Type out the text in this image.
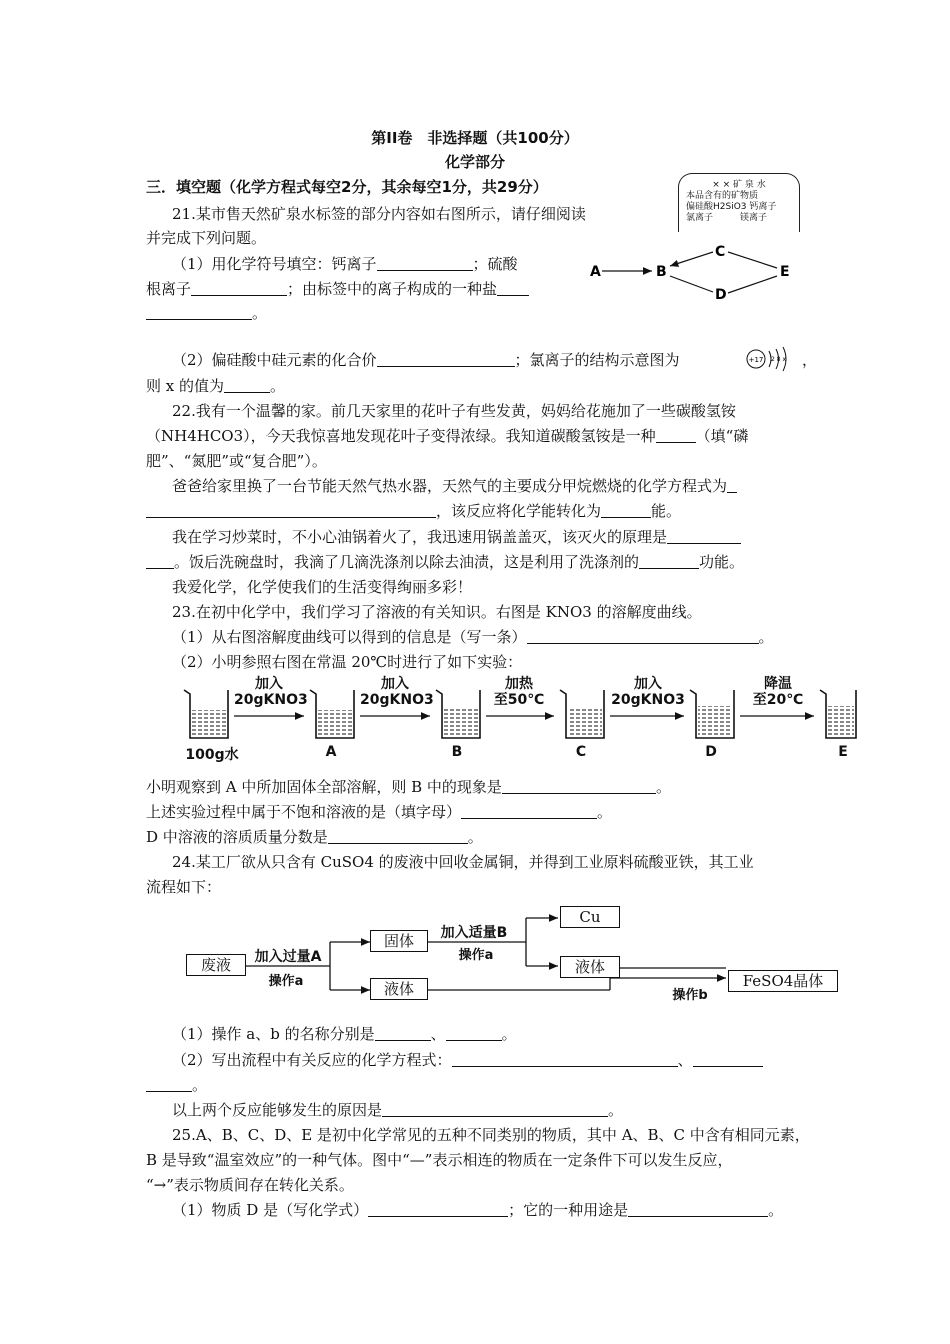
第II卷　非选择题（共100分）
化学部分
三．填空题（化学方程式每空2分，其余每空1分，共29分）	× × 矿 泉 水
本品含有的矿物质
偏硅酸H2SiO3 钙离子
氯离子　　　镁离子
21.某市售天然矿泉水标签的部分内容如右图所示，请仔细阅读
并完成下列问题。
（1）用化学符号填空：钙离子	；硫酸
根离子	；由标签中的离子构成的一种盐
。
A	B
C
D
E
（2）偏硅酸中硅元素的化合价	；氯离子的结构示意图为	+17 2 8 x ，
则 x 的值为	。
22.我有一个温馨的家。前几天家里的花叶子有些发黄，妈妈给花施加了一些碳酸氢铵
（NH4HCO3），今天我惊喜地发现花叶子变得浓绿。我知道碳酸氢铵是一种	（填“磷
肥”、“氮肥”或“复合肥”）。
爸爸给家里换了一台节能天然气热水器，天然气的主要成分甲烷燃烧的化学方程式为
，该反应将化学能转化为	能。
我在学习炒菜时，不小心油锅着火了，我迅速用锅盖盖灭，该灭火的原理是
。饭后洗碗盘时，我滴了几滴洗涤剂以除去油渍，这是利用了洗涤剂的	功能。
我爱化学，化学使我们的生活变得绚丽多彩！
23.在初中化学中，我们学习了溶液的有关知识。右图是 KNO3 的溶解度曲线。
（1）从右图溶解度曲线可以得到的信息是（写一条）	。
（2）小明参照右图在常温 20℃时进行了如下实验：
加入
20gKNO3
加入
20gKNO3
加热
至50℃
加入
20gKNO3
降温
至20℃
100g水	A	B	C	D	E
小明观察到 A 中所加固体全部溶解，则 B 中的现象是	。
上述实验过程中属于不饱和溶液的是（填字母）	。
D 中溶液的溶质质量分数是	。
24.某工厂欲从只含有 CuSO4 的废液中回收金属铜，并得到工业原料硫酸亚铁，其工业
流程如下：
废液	加入过量A
操作a
固体
液体
加入适量B
操作a
Cu
液体
操作b
FeSO4晶体
（1）操作 a、b 的名称分别是	、	。
（2）写出流程中有关反应的化学方程式：	、
。
以上两个反应能够发生的原因是	。
25.A、B、C、D、E 是初中化学常见的五种不同类别的物质，其中 A、B、C 中含有相同元素，
B 是导致“温室效应”的一种气体。图中“—”表示相连的物质在一定条件下可以发生反应，
“→”表示物质间存在转化关系。
（1）物质 D 是（写化学式）	；它的一种用途是	。
